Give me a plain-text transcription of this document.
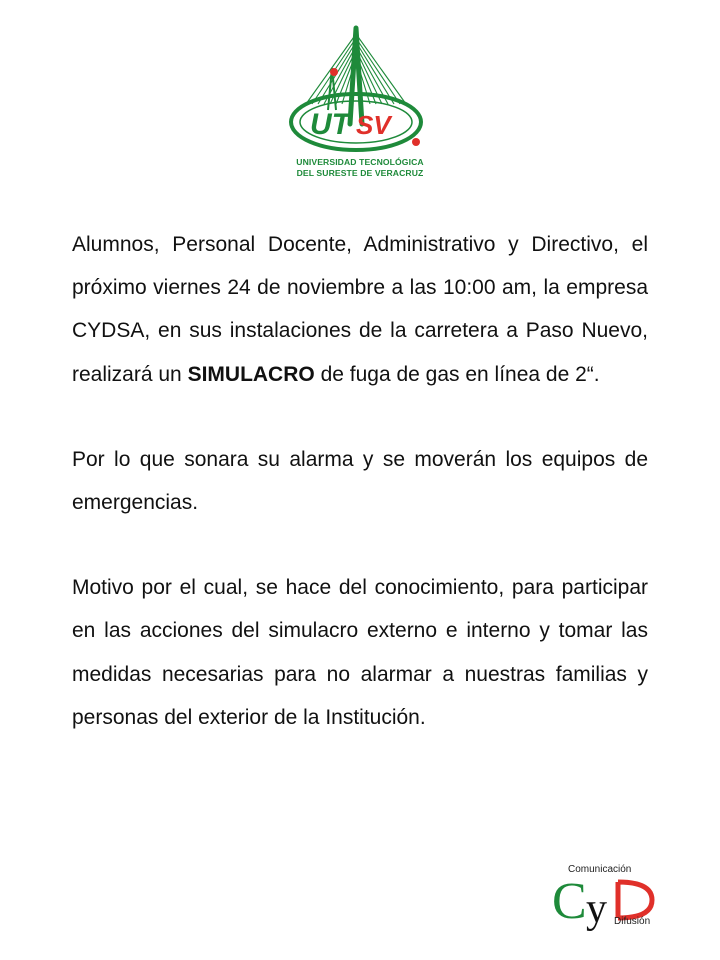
UT SV
UNIVERSIDAD TECNOLÓGICA
DEL SURESTE DE VERACRUZ

Alumnos, Personal Docente, Administrativo y Directivo, el próximo viernes 24 de noviembre a las 10:00 am, la empresa CYDSA, en sus instalaciones de la carretera a Paso Nuevo, realizará un SIMULACRO de fuga de gas en línea de 2“.

Por lo que sonara su alarma y se moverán los equipos de emergencias.

Motivo por el cual, se hace del conocimiento, para participar en las acciones del simulacro externo e interno y tomar las medidas necesarias para no alarmar a nuestras familias y personas del exterior de la Institución.

Comunicación
C y Difusión
